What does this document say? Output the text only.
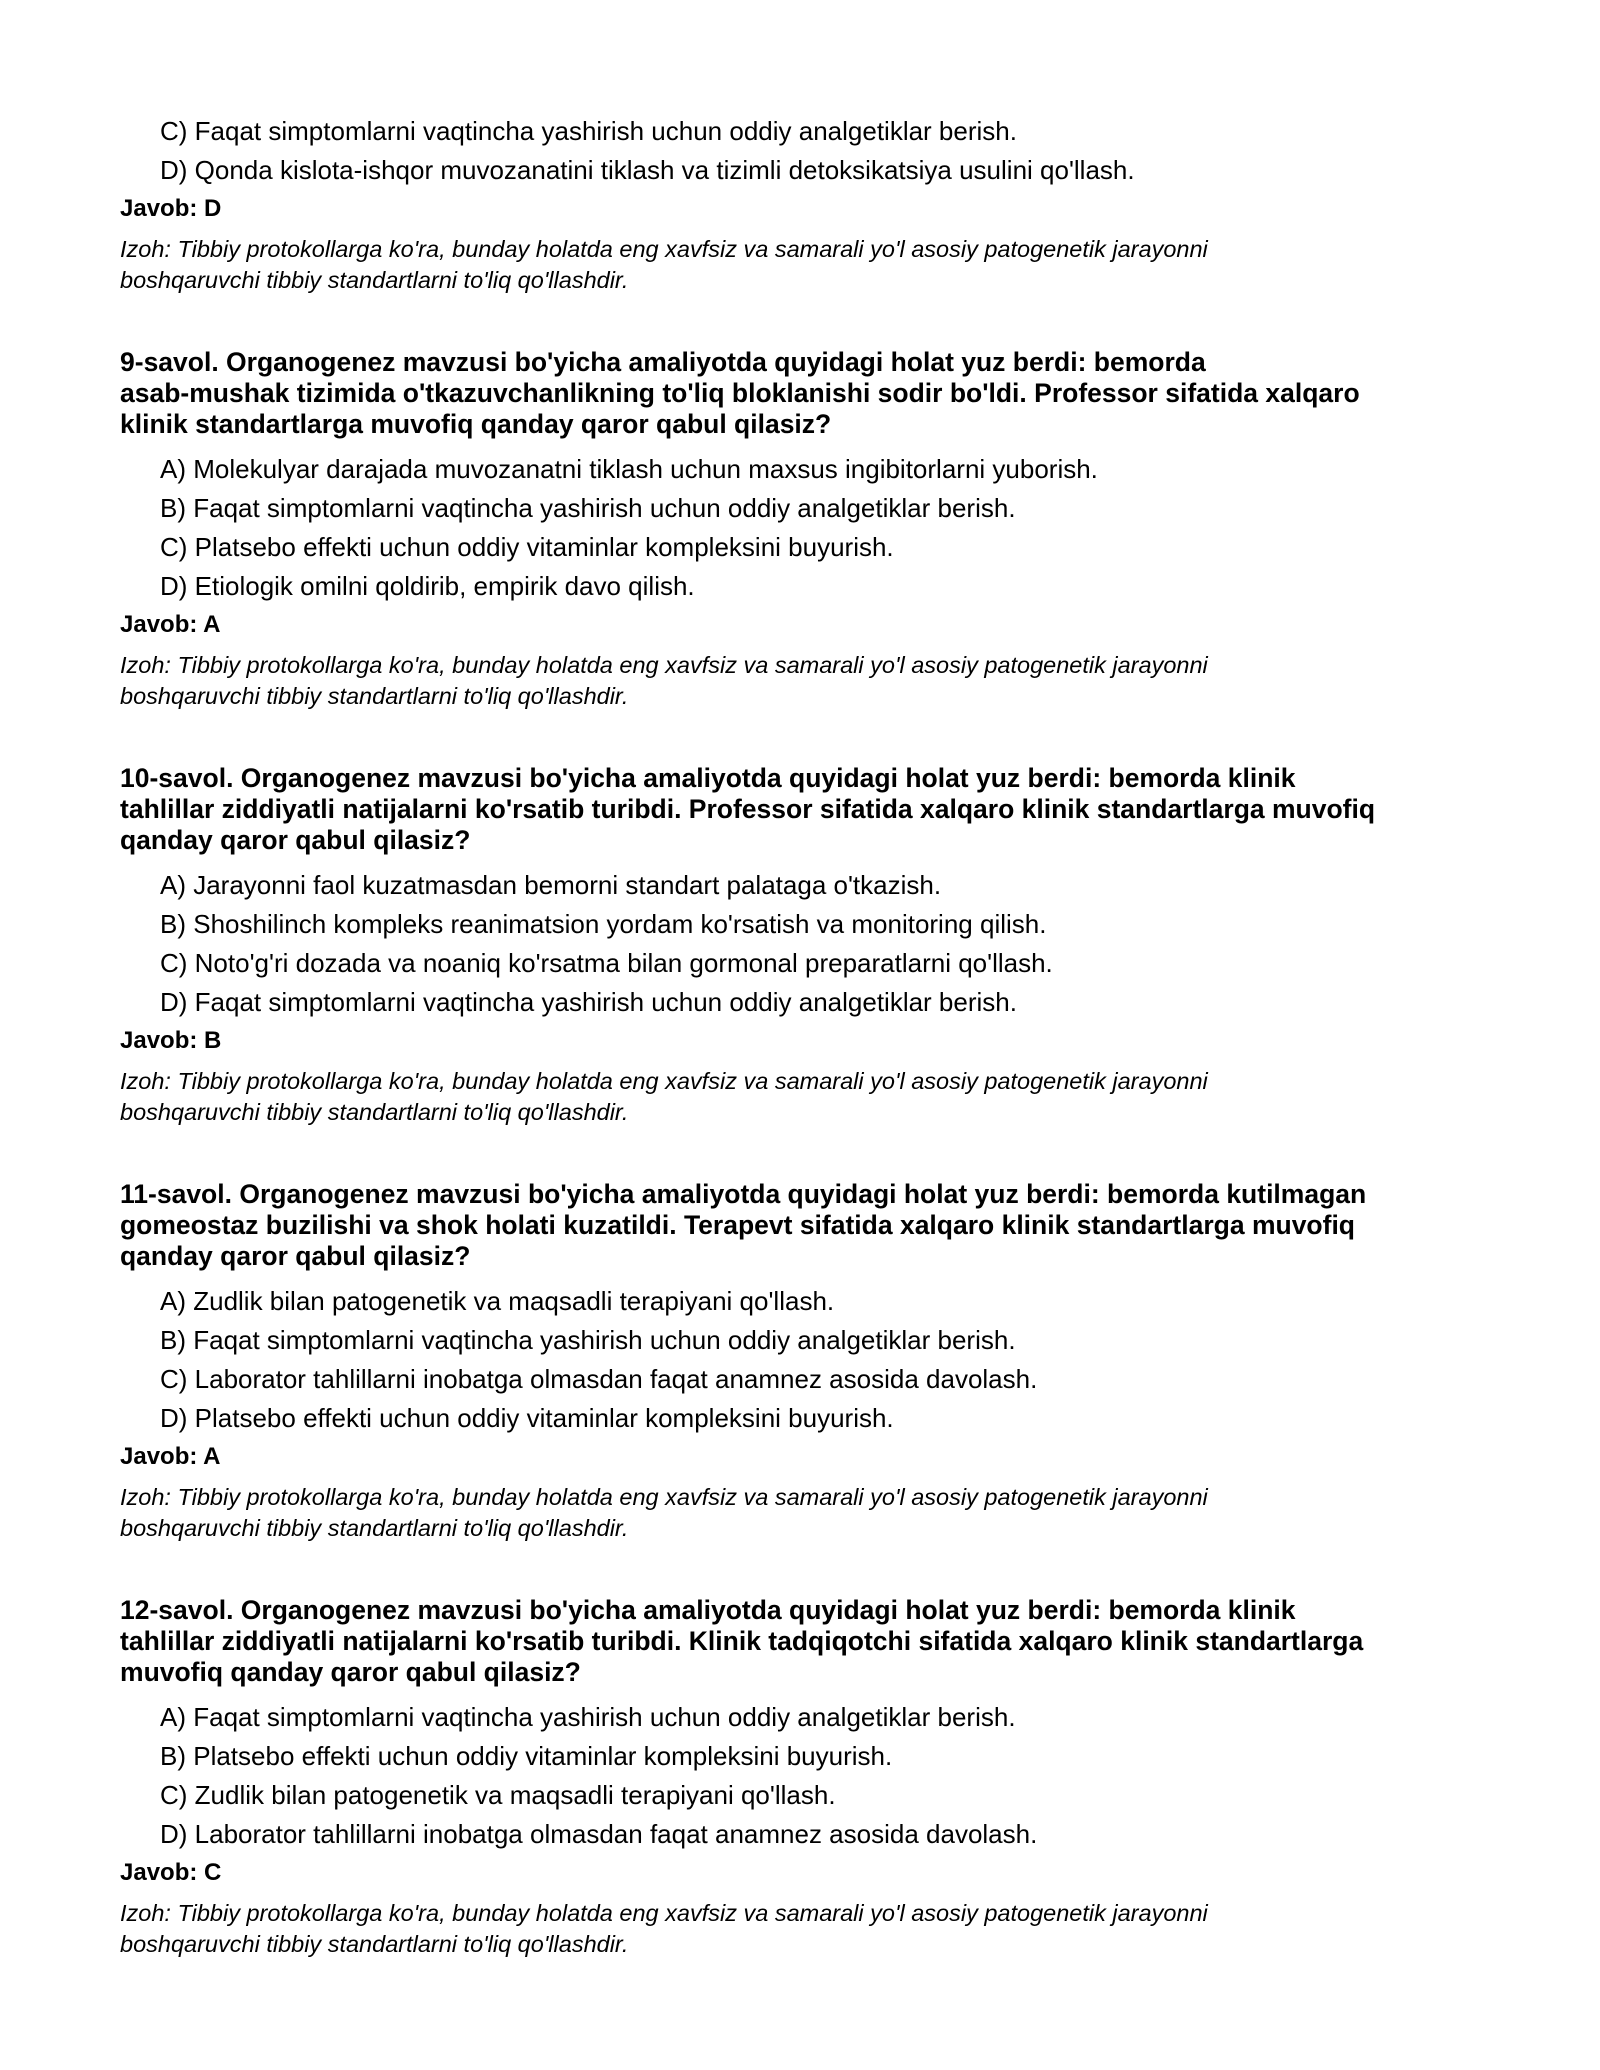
C) Faqat simptomlarni vaqtincha yashirish uchun oddiy analgetiklar berish.
D) Qonda kislota-ishqor muvozanatini tiklash va tizimli detoksikatsiya usulini qo'llash.
Javob: D
Izoh: Tibbiy protokollarga ko'ra, bunday holatda eng xavfsiz va samarali yo'l asosiy patogenetik jarayonni
boshqaruvchi tibbiy standartlarni to'liq qo'llashdir.
9-savol. Organogenez mavzusi bo'yicha amaliyotda quyidagi holat yuz berdi: bemorda
asab-mushak tizimida o'tkazuvchanlikning to'liq bloklanishi sodir bo'ldi. Professor sifatida xalqaro
klinik standartlarga muvofiq qanday qaror qabul qilasiz?
A) Molekulyar darajada muvozanatni tiklash uchun maxsus ingibitorlarni yuborish.
B) Faqat simptomlarni vaqtincha yashirish uchun oddiy analgetiklar berish.
C) Platsebo effekti uchun oddiy vitaminlar kompleksini buyurish.
D) Etiologik omilni qoldirib, empirik davo qilish.
Javob: A
Izoh: Tibbiy protokollarga ko'ra, bunday holatda eng xavfsiz va samarali yo'l asosiy patogenetik jarayonni
boshqaruvchi tibbiy standartlarni to'liq qo'llashdir.
10-savol. Organogenez mavzusi bo'yicha amaliyotda quyidagi holat yuz berdi: bemorda klinik
tahlillar ziddiyatli natijalarni ko'rsatib turibdi. Professor sifatida xalqaro klinik standartlarga muvofiq
qanday qaror qabul qilasiz?
A) Jarayonni faol kuzatmasdan bemorni standart palataga o'tkazish.
B) Shoshilinch kompleks reanimatsion yordam ko'rsatish va monitoring qilish.
C) Noto'g'ri dozada va noaniq ko'rsatma bilan gormonal preparatlarni qo'llash.
D) Faqat simptomlarni vaqtincha yashirish uchun oddiy analgetiklar berish.
Javob: B
Izoh: Tibbiy protokollarga ko'ra, bunday holatda eng xavfsiz va samarali yo'l asosiy patogenetik jarayonni
boshqaruvchi tibbiy standartlarni to'liq qo'llashdir.
11-savol. Organogenez mavzusi bo'yicha amaliyotda quyidagi holat yuz berdi: bemorda kutilmagan
gomeostaz buzilishi va shok holati kuzatildi. Terapevt sifatida xalqaro klinik standartlarga muvofiq
qanday qaror qabul qilasiz?
A) Zudlik bilan patogenetik va maqsadli terapiyani qo'llash.
B) Faqat simptomlarni vaqtincha yashirish uchun oddiy analgetiklar berish.
C) Laborator tahlillarni inobatga olmasdan faqat anamnez asosida davolash.
D) Platsebo effekti uchun oddiy vitaminlar kompleksini buyurish.
Javob: A
Izoh: Tibbiy protokollarga ko'ra, bunday holatda eng xavfsiz va samarali yo'l asosiy patogenetik jarayonni
boshqaruvchi tibbiy standartlarni to'liq qo'llashdir.
12-savol. Organogenez mavzusi bo'yicha amaliyotda quyidagi holat yuz berdi: bemorda klinik
tahlillar ziddiyatli natijalarni ko'rsatib turibdi. Klinik tadqiqotchi sifatida xalqaro klinik standartlarga
muvofiq qanday qaror qabul qilasiz?
A) Faqat simptomlarni vaqtincha yashirish uchun oddiy analgetiklar berish.
B) Platsebo effekti uchun oddiy vitaminlar kompleksini buyurish.
C) Zudlik bilan patogenetik va maqsadli terapiyani qo'llash.
D) Laborator tahlillarni inobatga olmasdan faqat anamnez asosida davolash.
Javob: C
Izoh: Tibbiy protokollarga ko'ra, bunday holatda eng xavfsiz va samarali yo'l asosiy patogenetik jarayonni
boshqaruvchi tibbiy standartlarni to'liq qo'llashdir.
